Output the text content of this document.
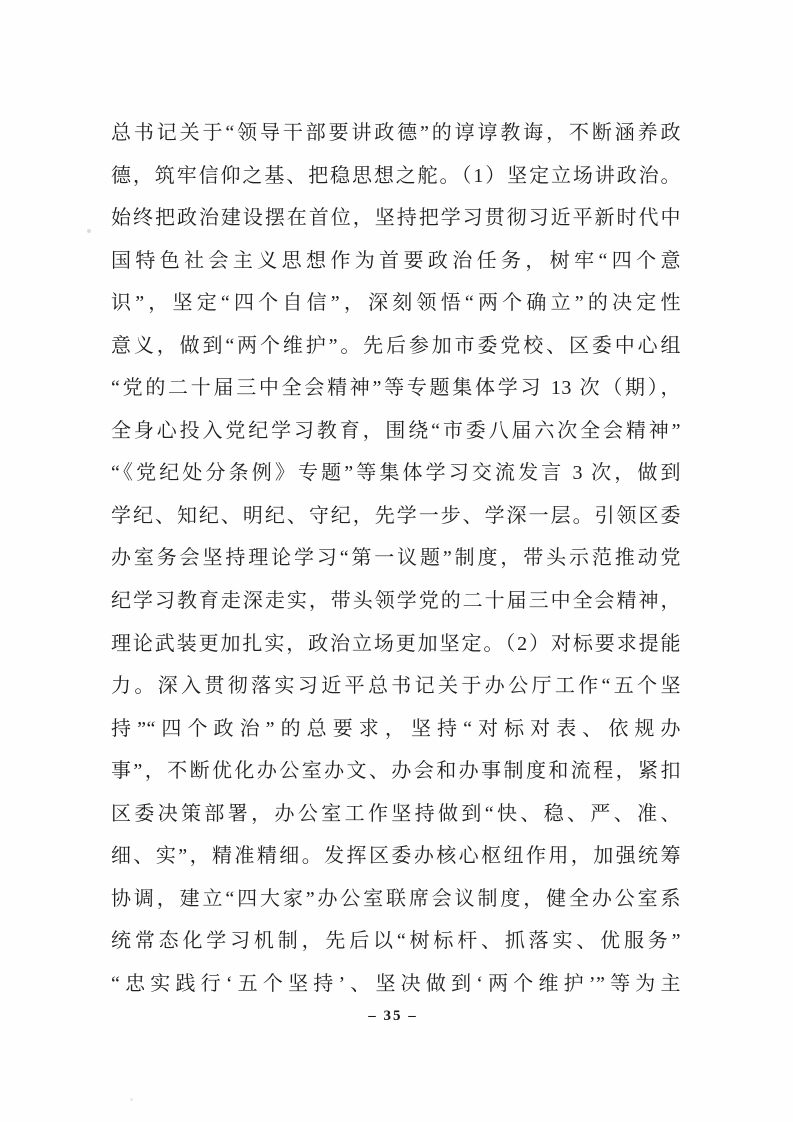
总书记关于“领导干部要讲政德”的谆谆教诲，不断涵养政
德，筑牢信仰之基、把稳思想之舵。（1）坚定立场讲政治。
始终把政治建设摆在首位，坚持把学习贯彻习近平新时代中
国特色社会主义思想作为首要政治任务，树牢“四个意
识”，坚定“四个自信”，深刻领悟“两个确立”的决定性
意义，做到“两个维护”。先后参加市委党校、区委中心组
“党的二十届三中全会精神”等专题集体学习 13 次（期），
全身心投入党纪学习教育，围绕“市委八届六次全会精神”
“《党纪处分条例》专题”等集体学习交流发言 3 次，做到
学纪、知纪、明纪、守纪，先学一步、学深一层。引领区委
办室务会坚持理论学习“第一议题”制度，带头示范推动党
纪学习教育走深走实，带头领学党的二十届三中全会精神，
理论武装更加扎实，政治立场更加坚定。（2）对标要求提能
力。深入贯彻落实习近平总书记关于办公厅工作“五个坚
持”“四个政治”的总要求，坚持“对标对表、依规办
事”，不断优化办公室办文、办会和办事制度和流程，紧扣
区委决策部署，办公室工作坚持做到“快、稳、严、准、
细、实”，精准精细。发挥区委办核心枢纽作用，加强统筹
协调，建立“四大家”办公室联席会议制度，健全办公室系
统常态化学习机制，先后以“树标杆、抓落实、优服务”
“忠实践行‘五个坚持’、坚决做到‘两个维护’”等为主
– 35 –
